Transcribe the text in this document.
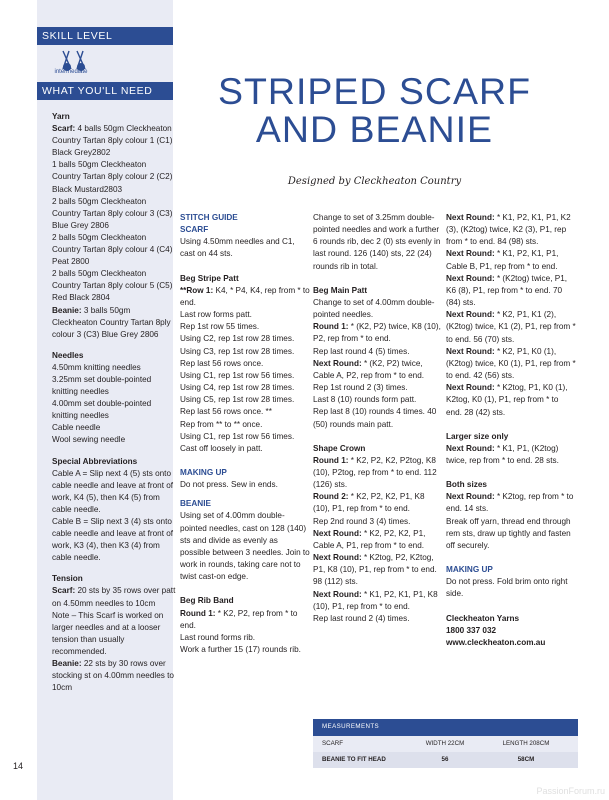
SKILL LEVEL
intermediate
WHAT YOU'LL NEED
Yarn
Scarf: 4 balls 50gm Cleckheaton Country Tartan 8ply colour 1 (C1) Black Grey2802
1 balls 50gm Cleckheaton Country Tartan 8ply colour 2 (C2) Black Mustard2803
2 balls 50gm Cleckheaton Country Tartan 8ply colour 3 (C3) Blue Grey 2806
2 balls 50gm Cleckheaton Country Tartan 8ply colour 4 (C4) Peat 2800
2 balls 50gm Cleckheaton Country Tartan 8ply colour 5 (C5) Red Black 2804
Beanie: 3 balls 50gm Cleckheaton Country Tartan 8ply colour 3 (C3) Blue Grey 2806
Needles
4.50mm knitting needles
3.25mm set double-pointed knitting needles
4.00mm set double-pointed knitting needles
Cable needle
Wool sewing needle
Special Abbreviations
Cable A = Slip next 4 (5) sts onto cable needle and leave at front of work, K4 (5), then K4 (5) from cable needle.
Cable B = Slip next 3 (4) sts onto cable needle and leave at front of work, K3 (4), then K3 (4) from cable needle.
Tension
Scarf: 20 sts by 35 rows over patt on 4.50mm needles to 10cm
Note – This Scarf is worked on larger needles and at a looser tension than usually recommended.
Beanie: 22 sts by 30 rows over stocking st on 4.00mm needles to 10cm
14
STRIPED SCARF
AND BEANIE
Designed by Cleckheaton Country
STITCH GUIDE
SCARF
Using 4.50mm needles and C1, cast on 44 sts.
Beg Stripe Patt
**Row 1: K4, * P4, K4, rep from * to end.
Last row forms patt.
Rep 1st row 55 times.
Using C2, rep 1st row 28 times.
Using C3, rep 1st row 28 times.
Rep last 56 rows once.
Using C1, rep 1st row 56 times.
Using C4, rep 1st row 28 times.
Using C5, rep 1st row 28 times.
Rep last 56 rows once. **
Rep from ** to ** once.
Using C1, rep 1st row 56 times.
Cast off loosely in patt.
MAKING UP
Do not press. Sew in ends.
BEANIE
Using set of 4.00mm double-pointed needles, cast on 128 (140) sts and divide as evenly as possible between 3 needles. Join to work in rounds, taking care not to twist cast-on edge.
Beg Rib Band
Round 1: * K2, P2, rep from * to end.
Last round forms rib.
Work a further 15 (17) rounds rib.
Change to set of 3.25mm double-pointed needles and work a further 6 rounds rib, dec 2 (0) sts evenly in last round. 126 (140) sts, 22 (24) rounds rib in total.
Beg Main Patt
Change to set of 4.00mm double-pointed needles.
Round 1: * (K2, P2) twice, K8 (10), P2, rep from * to end.
Rep last round 4 (5) times.
Next Round: * (K2, P2) twice, Cable A, P2, rep from * to end.
Rep 1st round 2 (3) times.
Last 8 (10) rounds form patt.
Rep last 8 (10) rounds 4 times. 40 (50) rounds main patt.
Shape Crown
Round 1: * K2, P2, K2, P2tog, K8 (10), P2tog, rep from * to end. 112 (126) sts.
Round 2: * K2, P2, K2, P1, K8 (10), P1, rep from * to end.
Rep 2nd round 3 (4) times.
Next Round: * K2, P2, K2, P1, Cable A, P1, rep from * to end.
Next Round: * K2tog, P2, K2tog, P1, K8 (10), P1, rep from * to end. 98 (112) sts.
Next Round: * K1, P2, K1, P1, K8 (10), P1, rep from * to end.
Rep last round 2 (4) times.
Next Round: * K1, P2, K1, P1, K2 (3), (K2tog) twice, K2 (3), P1, rep from * to end. 84 (98) sts.
Next Round: * K1, P2, K1, P1, Cable B, P1, rep from * to end.
Next Round: * (K2tog) twice, P1, K6 (8), P1, rep from * to end. 70 (84) sts.
Next Round: * K2, P1, K1 (2), (K2tog) twice, K1 (2), P1, rep from * to end. 56 (70) sts.
Next Round: * K2, P1, K0 (1), (K2tog) twice, K0 (1), P1, rep from * to end. 42 (56) sts.
Next Round: * K2tog, P1, K0 (1), K2tog, K0 (1), P1, rep from * to end. 28 (42) sts.
Larger size only
Next Round: * K1, P1, (K2tog) twice, rep from * to end. 28 sts.
Both sizes
Next Round: * K2tog, rep from * to end. 14 sts.
Break off yarn, thread end through rem sts, draw up tightly and fasten off securely.
MAKING UP
Do not press. Fold brim onto right side.
Cleckheaton Yarns
1800 337 032
www.cleckheaton.com.au
MEASUREMENTS
SCARF	WIDTH 22CM	LENGTH 208CM
BEANIE TO FIT HEAD	56	58CM
PassionForum.ru
